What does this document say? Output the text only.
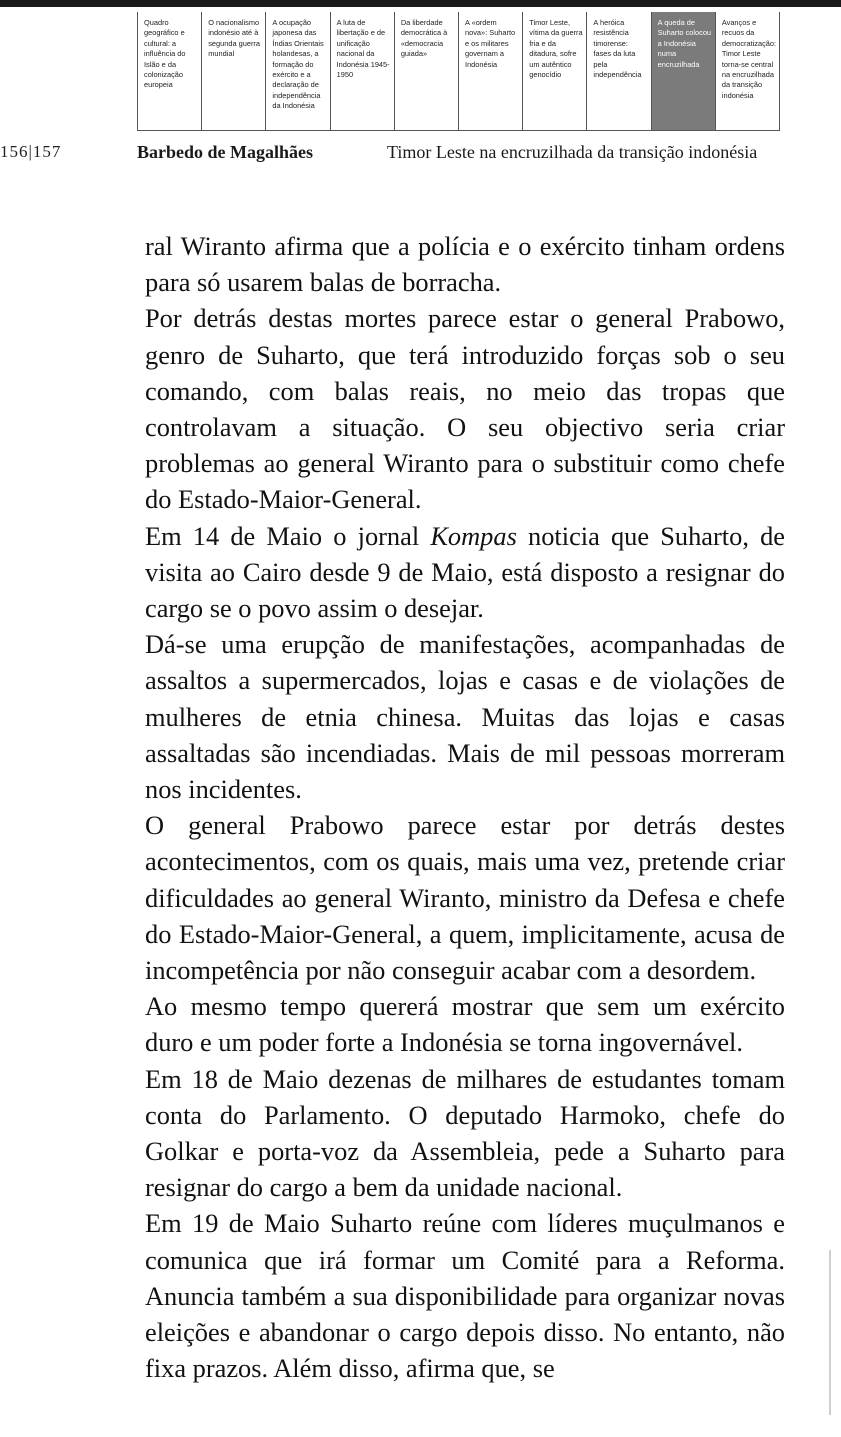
Quadro geográfico e cultural: a influência do Islão e da colonização europeia
O nacionalismo indonésio até à segunda guerra mundial
A ocupação japonesa das Índias Orientais holandesas, a formação do exército e a declaração de independência da Indonésia
A luta de libertação e de unificação nacional da Indonésia 1945-1950
Da liberdade democrática à «democracia guiada»
A «ordem nova»: Suharto e os militares governam a Indonésia
Timor Leste, vítima da guerra fria e da ditadura, sofre um autêntico genocídio
A heróica resistência timorense: fases da luta pela independência
A queda de Suharto colocou a Indonésia numa encruzilhada
Avanços e recuos da democratização: Timor Leste torna-se central na encruzilhada da transição indonésia
156|157	Barbedo de Magalhães	Timor Leste na encruzilhada da transição indonésia

ral Wiranto afirma que a polícia e o exército tinham ordens para só usarem balas de borracha.

Por detrás destas mortes parece estar o general Prabowo, genro de Suharto, que terá introduzido forças sob o seu comando, com balas reais, no meio das tropas que controlavam a situação. O seu objectivo seria criar problemas ao general Wiranto para o substituir como chefe do Estado-Maior-General.

Em 14 de Maio o jornal Kompas noticia que Suharto, de visita ao Cairo desde 9 de Maio, está disposto a resignar do cargo se o povo assim o desejar.

Dá-se uma erupção de manifestações, acompanhadas de assaltos a supermercados, lojas e casas e de violações de mulheres de etnia chinesa. Muitas das lojas e casas assaltadas são incendiadas. Mais de mil pessoas morreram nos incidentes.

O general Prabowo parece estar por detrás destes acontecimentos, com os quais, mais uma vez, pretende criar dificuldades ao general Wiranto, ministro da Defesa e chefe do Estado-Maior-General, a quem, implicitamente, acusa de incompetência por não conseguir acabar com a desordem.

Ao mesmo tempo quererá mostrar que sem um exército duro e um poder forte a Indonésia se torna ingovernável.

Em 18 de Maio dezenas de milhares de estudantes tomam conta do Parlamento. O deputado Harmoko, chefe do Golkar e porta-voz da Assembleia, pede a Suharto para resignar do cargo a bem da unidade nacional.

Em 19 de Maio Suharto reúne com líderes muçulmanos e comunica que irá formar um Comité para a Reforma. Anuncia também a sua disponibilidade para organizar novas eleições e abandonar o cargo depois disso. No entanto, não fixa prazos. Além disso, afirma que, se
